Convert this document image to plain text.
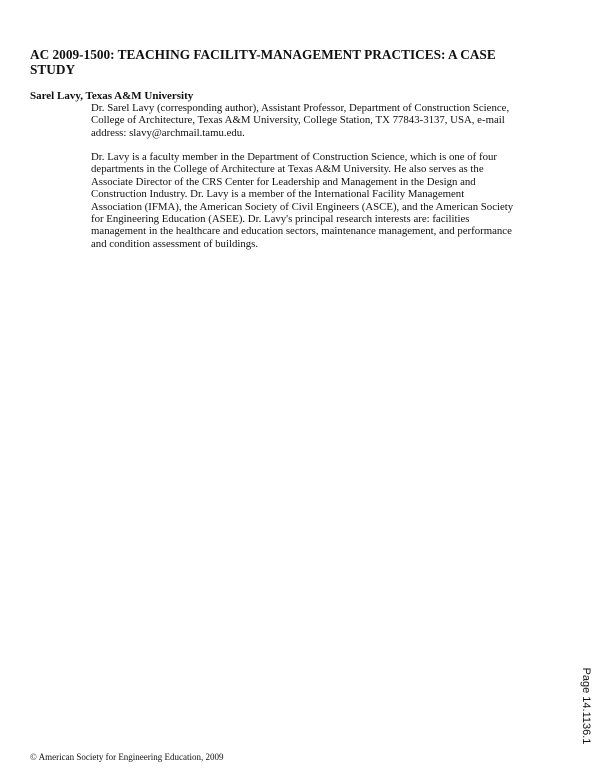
AC 2009-1500: TEACHING FACILITY-MANAGEMENT PRACTICES: A CASE
STUDY
Sarel Lavy, Texas A&M University
Dr. Sarel Lavy (corresponding author), Assistant Professor, Department of Construction Science,
College of Architecture, Texas A&M University, College Station, TX 77843-3137, USA, e-mail
address: slavy@archmail.tamu.edu.
Dr. Lavy is a faculty member in the Department of Construction Science, which is one of four
departments in the College of Architecture at Texas A&M University. He also serves as the
Associate Director of the CRS Center for Leadership and Management in the Design and
Construction Industry. Dr. Lavy is a member of the International Facility Management
Association (IFMA), the American Society of Civil Engineers (ASCE), and the American Society
for Engineering Education (ASEE). Dr. Lavy's principal research interests are: facilities
management in the healthcare and education sectors, maintenance management, and performance
and condition assessment of buildings.
Page 14.1136.1
© American Society for Engineering Education, 2009
